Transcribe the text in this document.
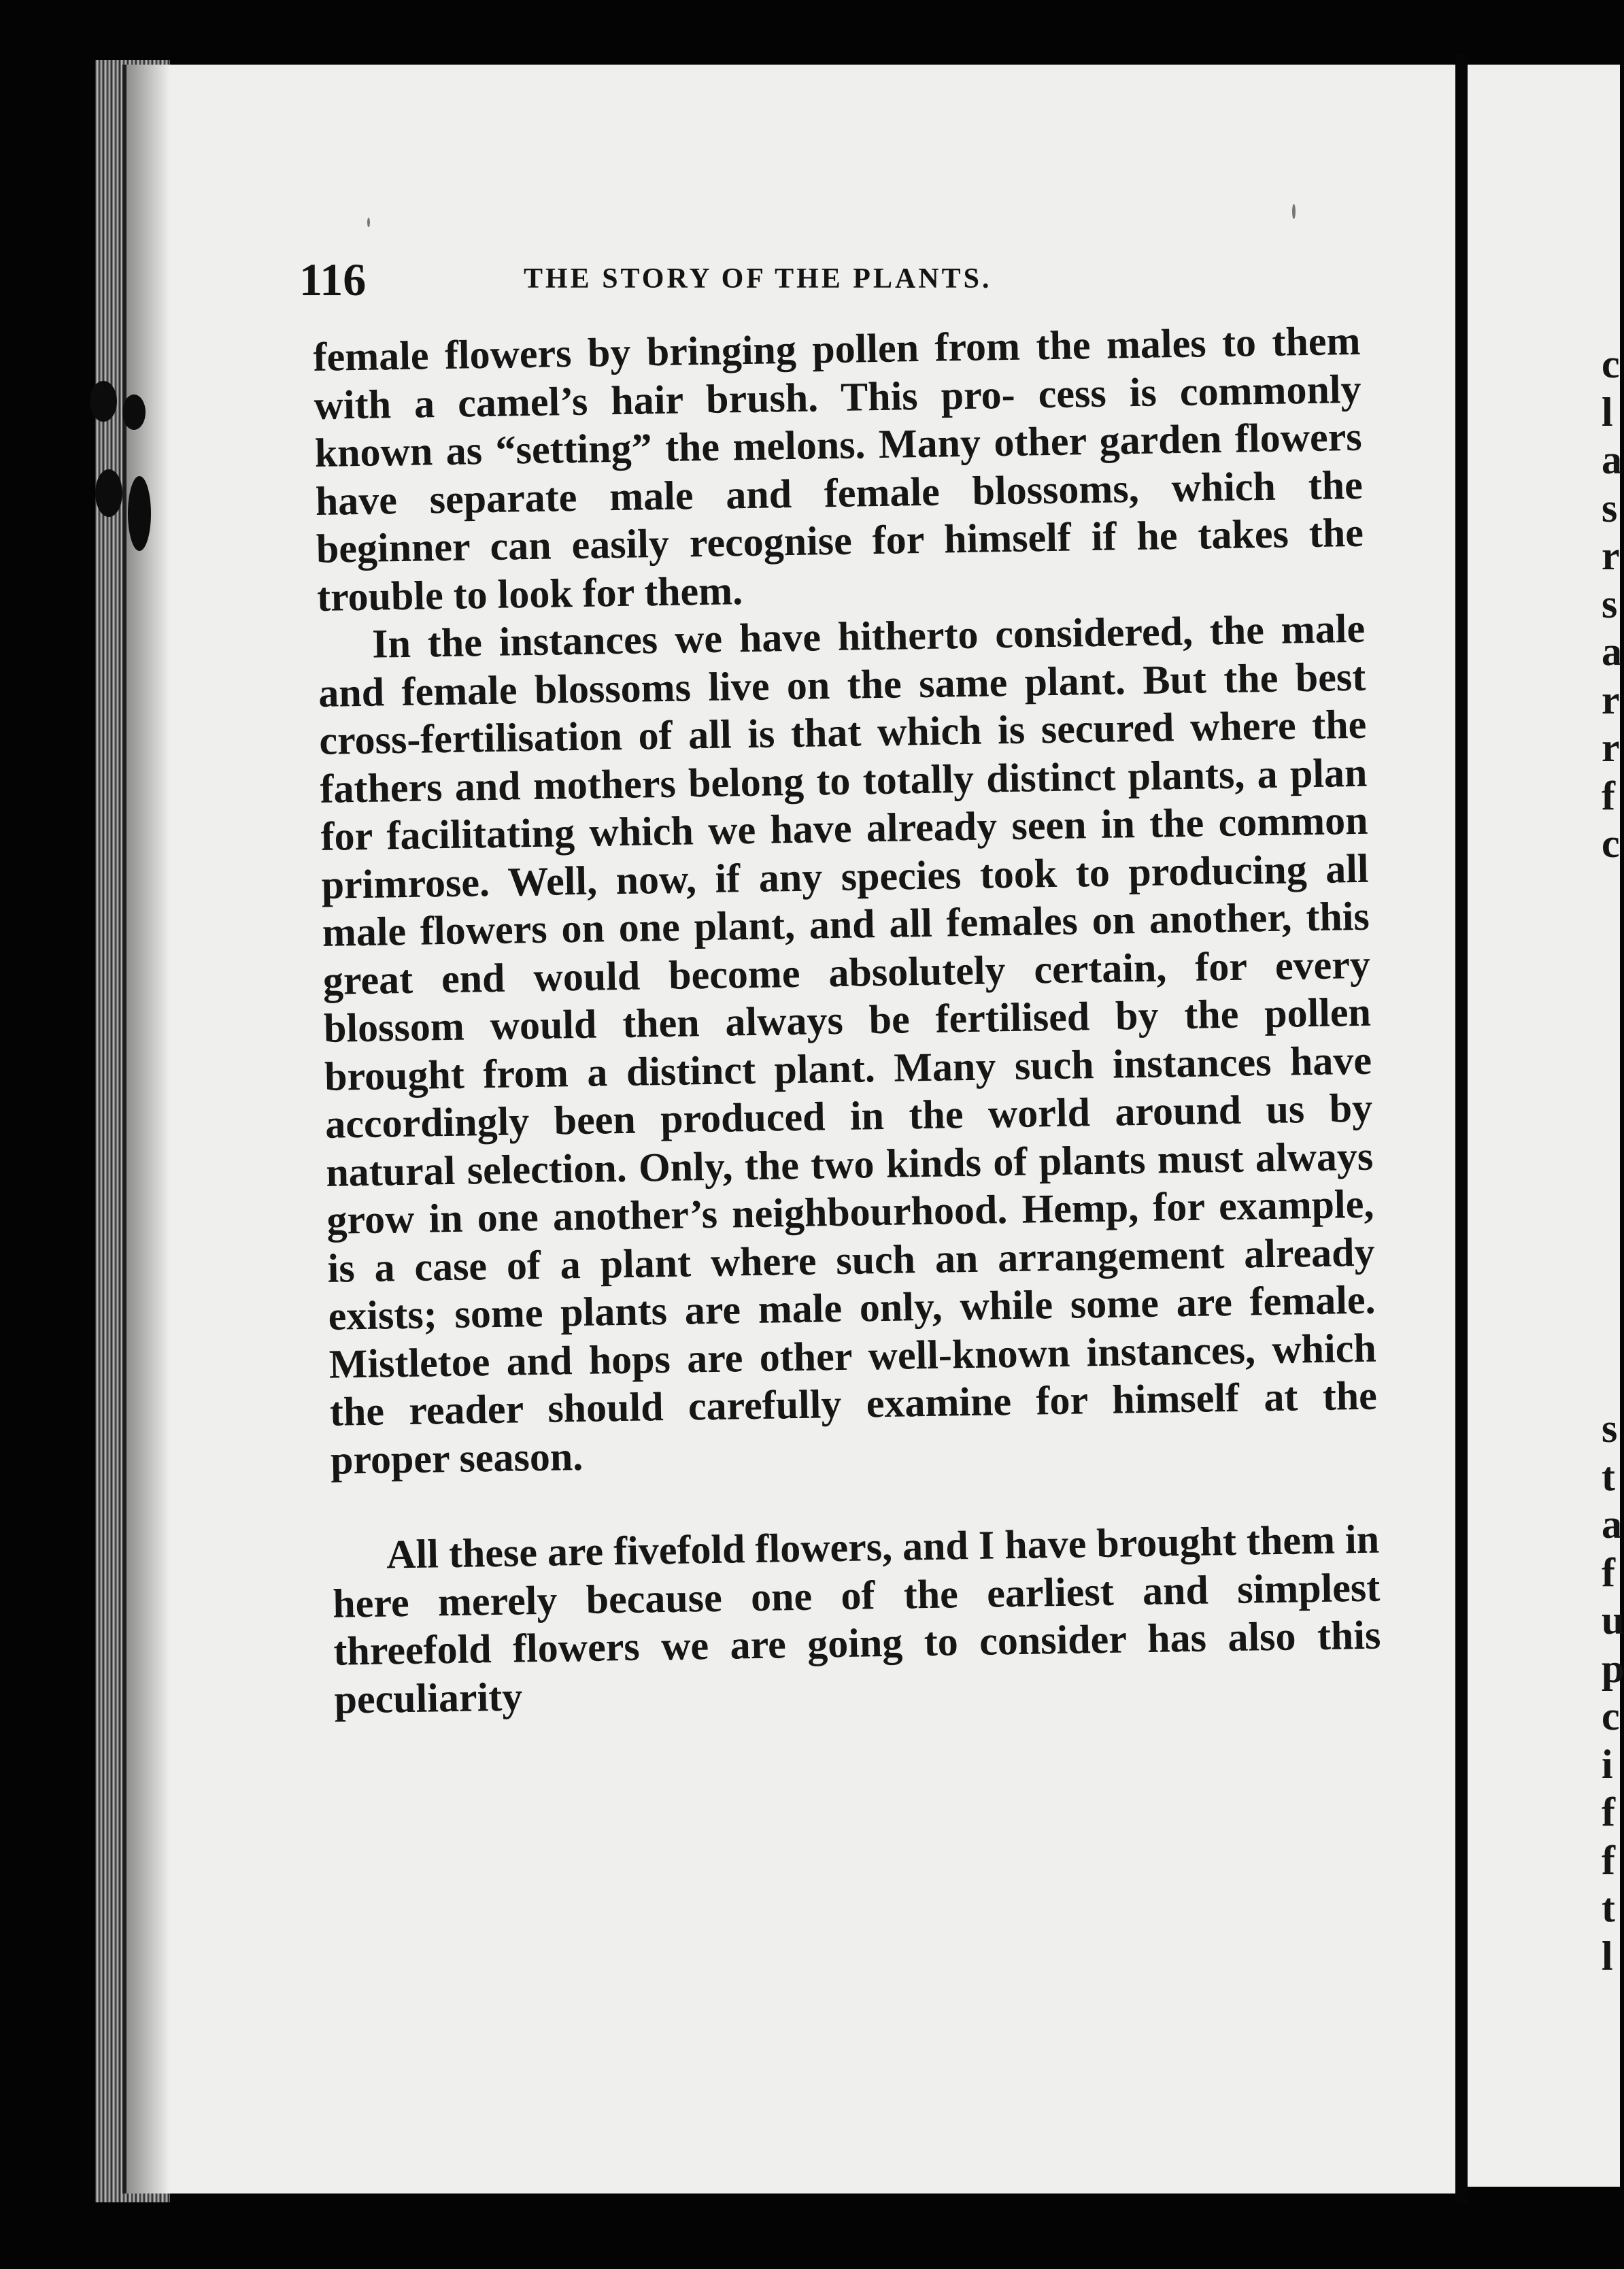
116	THE STORY OF THE PLANTS.

female flowers by bringing pollen from the males to them with a camel’s hair brush. This pro- cess is commonly known as “setting” the melons. Many other garden flowers have separate male and female blossoms, which the beginner can easily recognise for himself if he takes the trouble to look for them.

In the instances we have hitherto considered, the male and female blossoms live on the same plant. But the best cross-fertilisation of all is that which is secured where the fathers and mothers belong to totally distinct plants, a plan for facilitating which we have already seen in the common primrose. Well, now, if any species took to producing all male flowers on one plant, and all females on another, this great end would become absolutely certain, for every blossom would then always be fertilised by the pollen brought from a distinct plant. Many such instances have accordingly been produced in the world around us by natural selection. Only, the two kinds of plants must always grow in one another’s neighbourhood. Hemp, for example, is a case of a plant where such an arrangement already exists; some plants are male only, while some are female. Mistletoe and hops are other well-known instances, which the reader should carefully examine for himself at the proper season.

All these are fivefold flowers, and I have brought them in here merely because one of the earliest and simplest threefold flowers we are going to consider has also this peculiarity

c
l
a
s
r
s
a
r
r
f
c
s
t
a
f
u
p
c
i
f
f
t
l
